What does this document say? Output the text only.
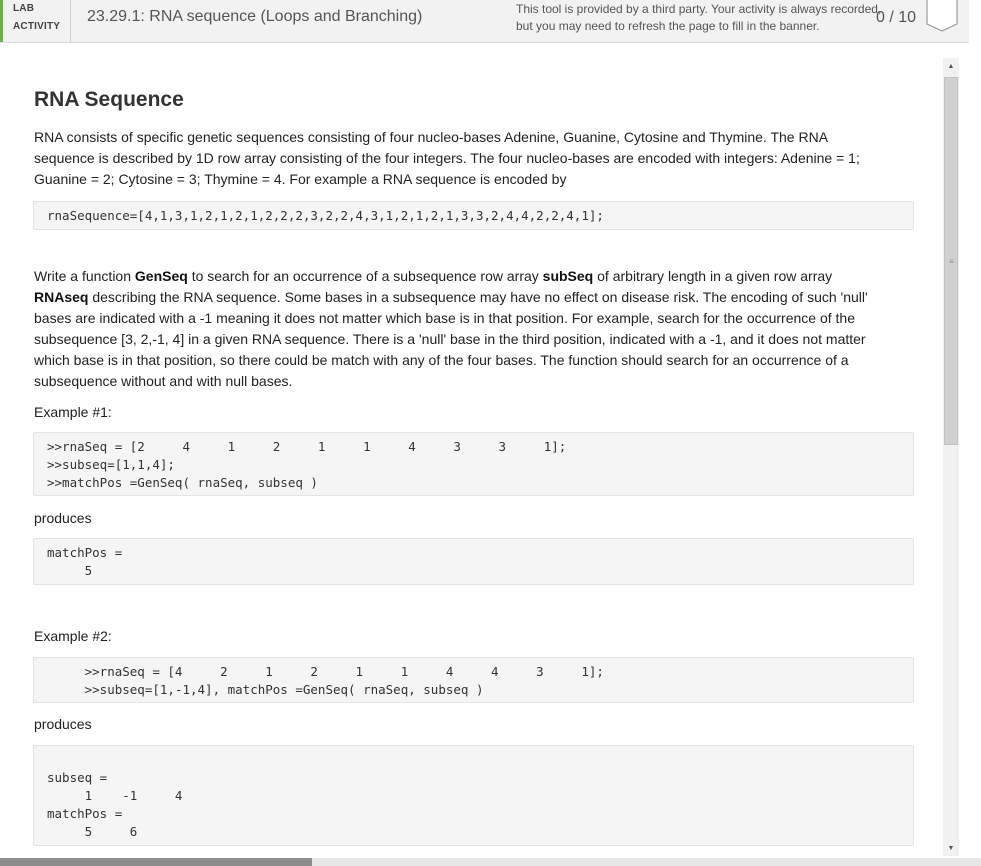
LAB
ACTIVITY
23.29.1: RNA sequence (Loops and Branching)	This tool is provided by a third party. Your activity is always recorded,
but you may need to refresh the page to fill in the banner.	0 / 10
RNA Sequence

RNA consists of specific genetic sequences consisting of four nucleo-bases Adenine, Guanine, Cytosine and Thymine. The RNA
sequence is described by 1D row array consisting of the four integers. The four nucleo-bases are encoded with integers: Adenine = 1;
Guanine = 2; Cytosine = 3; Thymine = 4. For example a RNA sequence is encoded by

rnaSequence=[4,1,3,1,2,1,2,1,2,2,2,3,2,2,4,3,1,2,1,2,1,3,3,2,4,4,2,2,4,1];

Write a function GenSeq to search for an occurrence of a subsequence row array subSeq of arbitrary length in a given row array
RNAseq describing the RNA sequence. Some bases in a subsequence may have no effect on disease risk. The encoding of such 'null'
bases are indicated with a -1 meaning it does not matter which base is in that position. For example, search for the occurrence of the
subsequence [3, 2,-1, 4] in a given RNA sequence. There is a 'null' base in the third position, indicated with a -1, and it does not matter
which base is in that position, so there could be match with any of the four bases. The function should search for an occurrence of a
subsequence without and with null bases.

Example #1:
>>rnaSeq = [2     4     1     2     1     1     4     3     3     1];
>>subseq=[1,1,4];
>>matchPos =GenSeq( rnaSeq, subseq )
produces
matchPos =
5
Example #2:
>>rnaSeq = [4     2     1     2     1     1     4     4     3     1];
>>subseq=[1,-1,4], matchPos =GenSeq( rnaSeq, subseq )
produces
subseq =
1    -1     4
matchPos =
5     6
▲
≡
▼
